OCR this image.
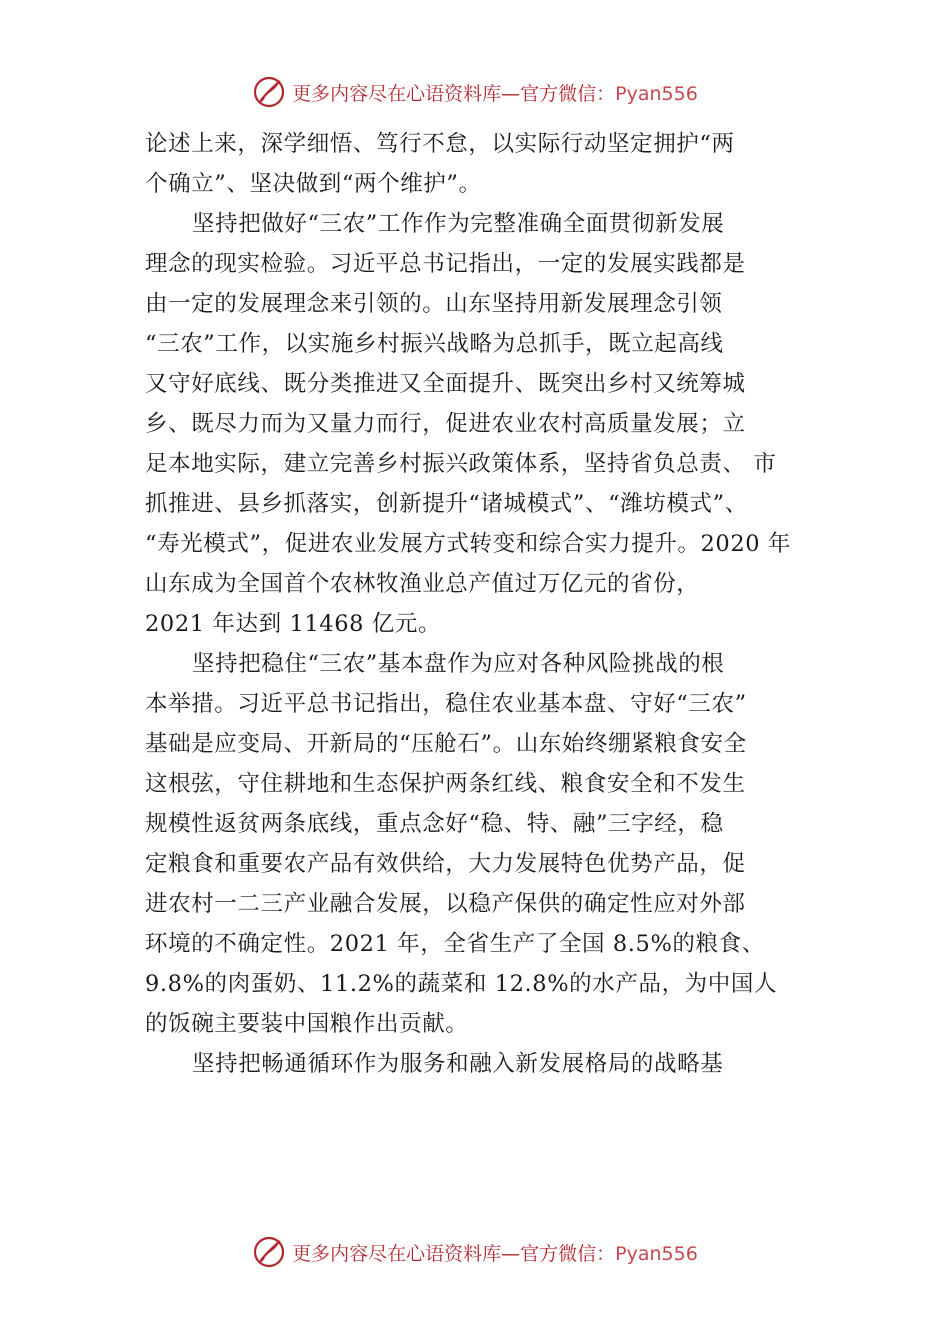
更多内容尽在心语资料库—官方微信：Pyan556
论述上来，深学细悟、笃行不怠，以实际行动坚定拥护“两
个确立”、坚决做到“两个维护”。
坚持把做好“三农”工作作为完整准确全面贯彻新发展
理念的现实检验。习近平总书记指出，一定的发展实践都是
由一定的发展理念来引领的。山东坚持用新发展理念引领
“三农”工作，以实施乡村振兴战略为总抓手，既立起高线
又守好底线、既分类推进又全面提升、既突出乡村又统筹城
乡、既尽力而为又量力而行，促进农业农村高质量发展；立
足本地实际，建立完善乡村振兴政策体系，坚持省负总责、 市
抓推进、县乡抓落实，创新提升“诸城模式”、“潍坊模式”、
“寿光模式”，促进农业发展方式转变和综合实力提升。2020 年
山东成为全国首个农林牧渔业总产值过万亿元的省份，
2021 年达到 11468 亿元。
坚持把稳住“三农”基本盘作为应对各种风险挑战的根
本举措。习近平总书记指出，稳住农业基本盘、守好“三农”
基础是应变局、开新局的“压舱石”。山东始终绷紧粮食安全
这根弦，守住耕地和生态保护两条红线、粮食安全和不发生
规模性返贫两条底线，重点念好“稳、特、融”三字经，稳
定粮食和重要农产品有效供给，大力发展特色优势产品，促
进农村一二三产业融合发展，以稳产保供的确定性应对外部
环境的不确定性。2021 年，全省生产了全国 8.5%的粮食、
9.8%的肉蛋奶、11.2%的蔬菜和 12.8%的水产品，为中国人
的饭碗主要装中国粮作出贡献。
坚持把畅通循环作为服务和融入新发展格局的战略基
更多内容尽在心语资料库—官方微信：Pyan556
